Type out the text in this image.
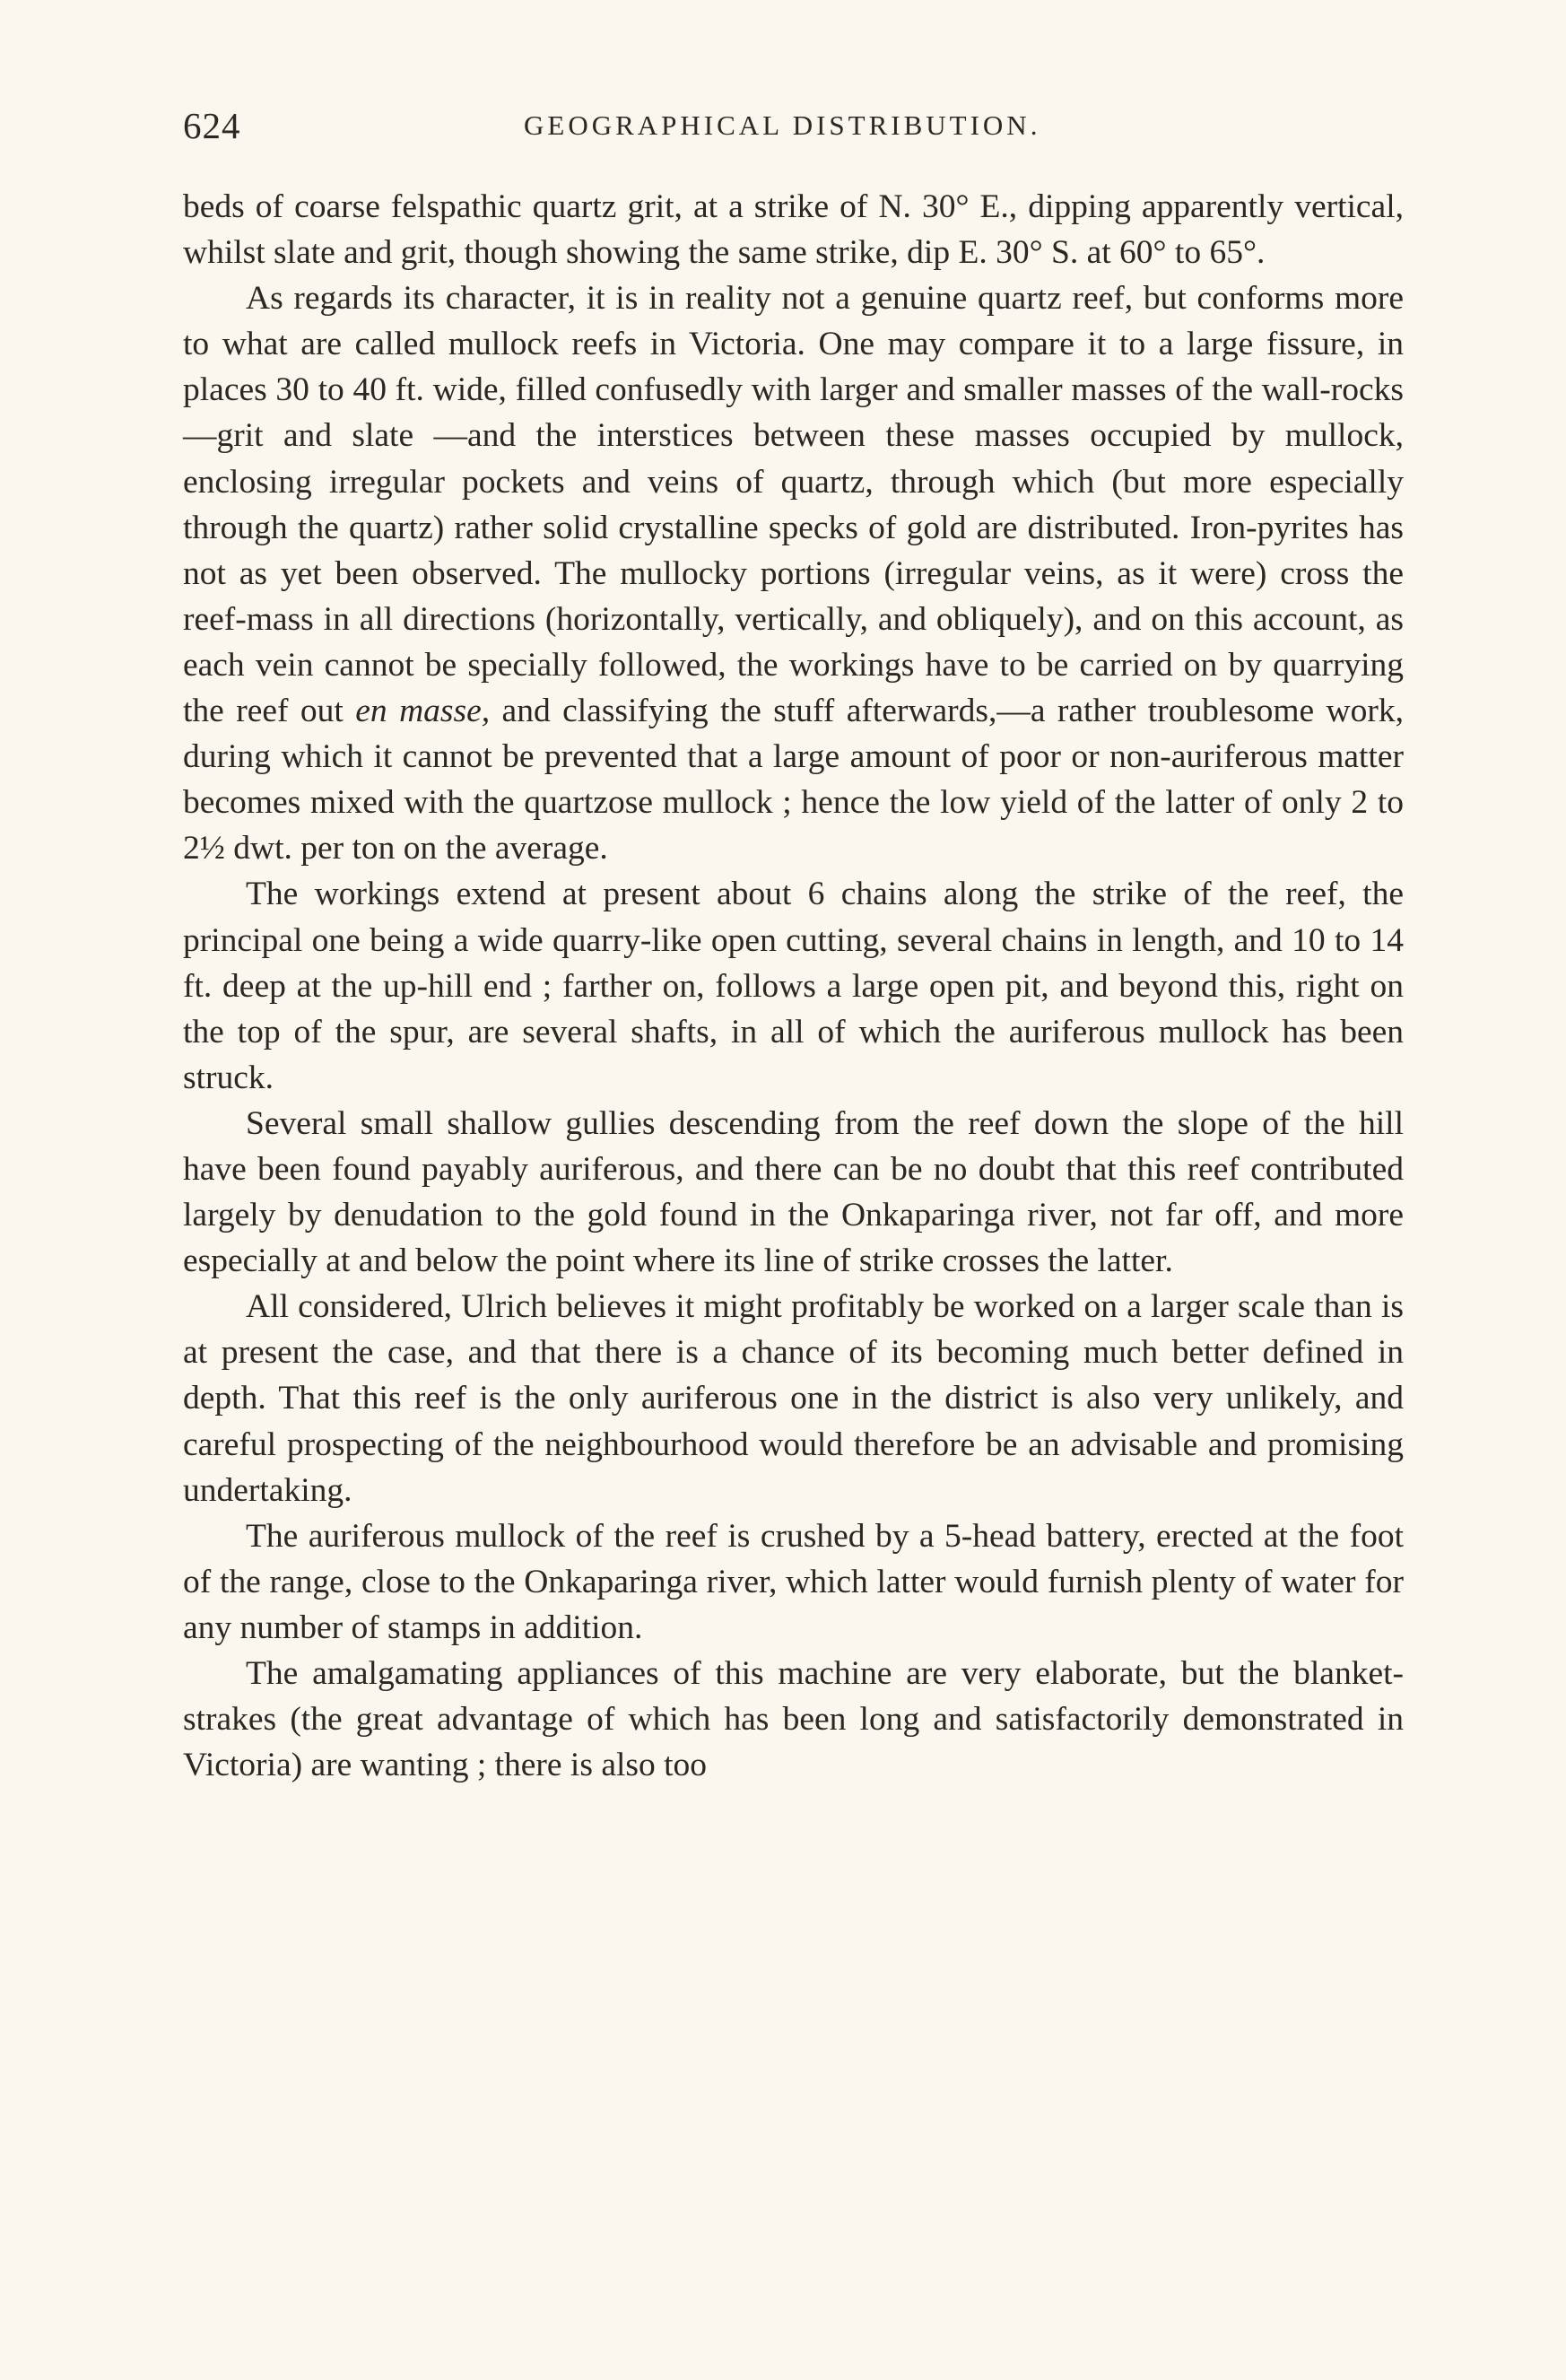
624	GEOGRAPHICAL DISTRIBUTION.

beds of coarse felspathic quartz grit, at a strike of N. 30° E., dipping apparently vertical, whilst slate and grit, though showing the same strike, dip E. 30° S. at 60° to 65°.

As regards its character, it is in reality not a genuine quartz reef, but conforms more to what are called mullock reefs in Victoria. One may compare it to a large fissure, in places 30 to 40 ft. wide, filled confusedly with larger and smaller masses of the wall-rocks—grit and slate —and the interstices between these masses occupied by mullock, enclosing irregular pockets and veins of quartz, through which (but more especially through the quartz) rather solid crystalline specks of gold are distributed. Iron-pyrites has not as yet been observed. The mullocky portions (irregular veins, as it were) cross the reef-mass in all directions (horizontally, vertically, and obliquely), and on this account, as each vein cannot be specially followed, the workings have to be carried on by quarrying the reef out en masse, and classifying the stuff afterwards,—a rather troublesome work, during which it cannot be prevented that a large amount of poor or non-auriferous matter becomes mixed with the quartzose mullock ; hence the low yield of the latter of only 2 to 2½ dwt. per ton on the average.

The workings extend at present about 6 chains along the strike of the reef, the principal one being a wide quarry-like open cutting, several chains in length, and 10 to 14 ft. deep at the up-hill end ; farther on, follows a large open pit, and beyond this, right on the top of the spur, are several shafts, in all of which the auriferous mullock has been struck.

Several small shallow gullies descending from the reef down the slope of the hill have been found payably auriferous, and there can be no doubt that this reef contributed largely by denudation to the gold found in the Onkaparinga river, not far off, and more especially at and below the point where its line of strike crosses the latter.

All considered, Ulrich believes it might profitably be worked on a larger scale than is at present the case, and that there is a chance of its becoming much better defined in depth. That this reef is the only auriferous one in the district is also very unlikely, and careful prospecting of the neighbourhood would therefore be an advisable and promising undertaking.

The auriferous mullock of the reef is crushed by a 5-head battery, erected at the foot of the range, close to the Onkaparinga river, which latter would furnish plenty of water for any number of stamps in addition.

The amalgamating appliances of this machine are very elaborate, but the blanket-strakes (the great advantage of which has been long and satisfactorily demonstrated in Victoria) are wanting ; there is also too
